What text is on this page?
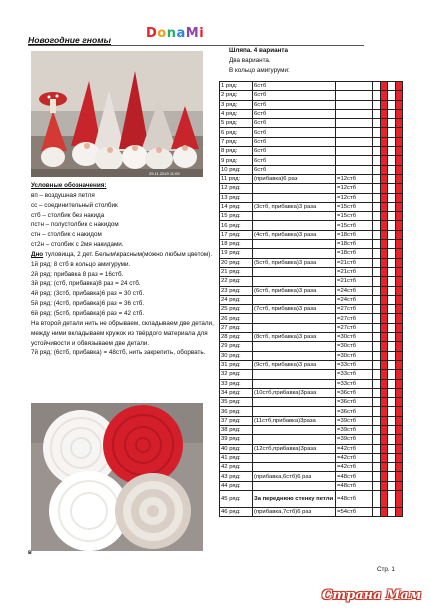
Новогодние гномы	DonaMi
25.11.2019 11:09
Условные обозначения:
вп – воздушная петля
сс – соединительный столбик
стб – столбик без накида
пстн – полустолбик с накидом
стн – столбик с накидом
ст2н – столбик с 2мя накидами.
Дно туловища, 2 дет. Белым\красным(можно любым цветом).
1й ряд: 8 стб в кольцо амигуруми.
2й ряд: прибавка 8 раз = 16стб.
3й ряд: (стб, прибавка)8 раз = 24 стб.
4й ряд: (3стб, прибавка)6 раз = 30 стб.
5й ряд: (4стб, прибавка)6 раз = 36 стб.
6й ряд: (5стб, прибавка)6 раз = 42 стб.
На второй детали нить не обрываем, складываем две детали, между ними вкладываем кружок из твёрдого материала для устойчивости и обвязываем две детали.
7й ряд: (6стб, прибавка) = 48стб, нить закрепить, оборвать.
в
Шляпа. 4 варианта
Два варианта.
В кольцо амигуруми:
1 ряд:	6стб					
2 ряд:	6стб					
3 ряд:	6стб					
4 ряд:	6стб					
5 ряд:	6стб					
6 ряд:	6стб					
7 ряд:	6стб					
8 ряд:	6стб					
9 ряд:	6стб					
10 ряд:	6стб					
11 ряд:	(прибавка)6 раз	=12стб				
12 ряд:		=12стб				
13 ряд:		=12стб				
14 ряд:	(3стб, прибавка)3 раза	=15стб				
15 ряд:		=15стб				
16 ряд:		=15стб				
17 ряд:	(4стб, прибавка)3 раза	=18стб				
18 ряд:		=18стб				
19 ряд:		=18стб				
20 ряд:	(5стб, прибавка)3 раза	=21стб				
21 ряд:		=21стб				
22 ряд:		=21стб				
23 ряд:	(6стб, прибавка)3 раза	=24стб				
24 ряд:		=24стб				
25 ряд:	(7стб, прибавка)3 раза	=27стб				
26 ряд:		=27стб				
27 ряд:		=27стб				
28 ряд:	(8стб, прибавка)3 раза	=30стб				
29 ряд:		=30стб				
30 ряд:		=30стб				
31 ряд:	(9стб, прибавка)3 раза	=33стб				
32 ряд:		=33стб				
33 ряд:		=33стб				
34 ряд:	(10стб,прибавка)3раза	=36стб				
35 ряд:		=36стб				
36 ряд:		=36стб				
37 ряд:	(11стб,прибавка)3раза	=39стб				
38 ряд:		=39стб				
39 ряд:		=39стб				
40 ряд:	(12стб,прибавка)3раза	=42стб				
41 ряд:		=42стб				
42 ряд:		=42стб				
43 ряд:	(прибавка,6стб)6 раз	=48стб				
44 ряд:		=48стб				
45 ряд:	За переднюю стенку петли	=48стб				
46 ряд:	(прибавка,7стб)6 раз	=54стб				
Стр. 1
Страна Мам
